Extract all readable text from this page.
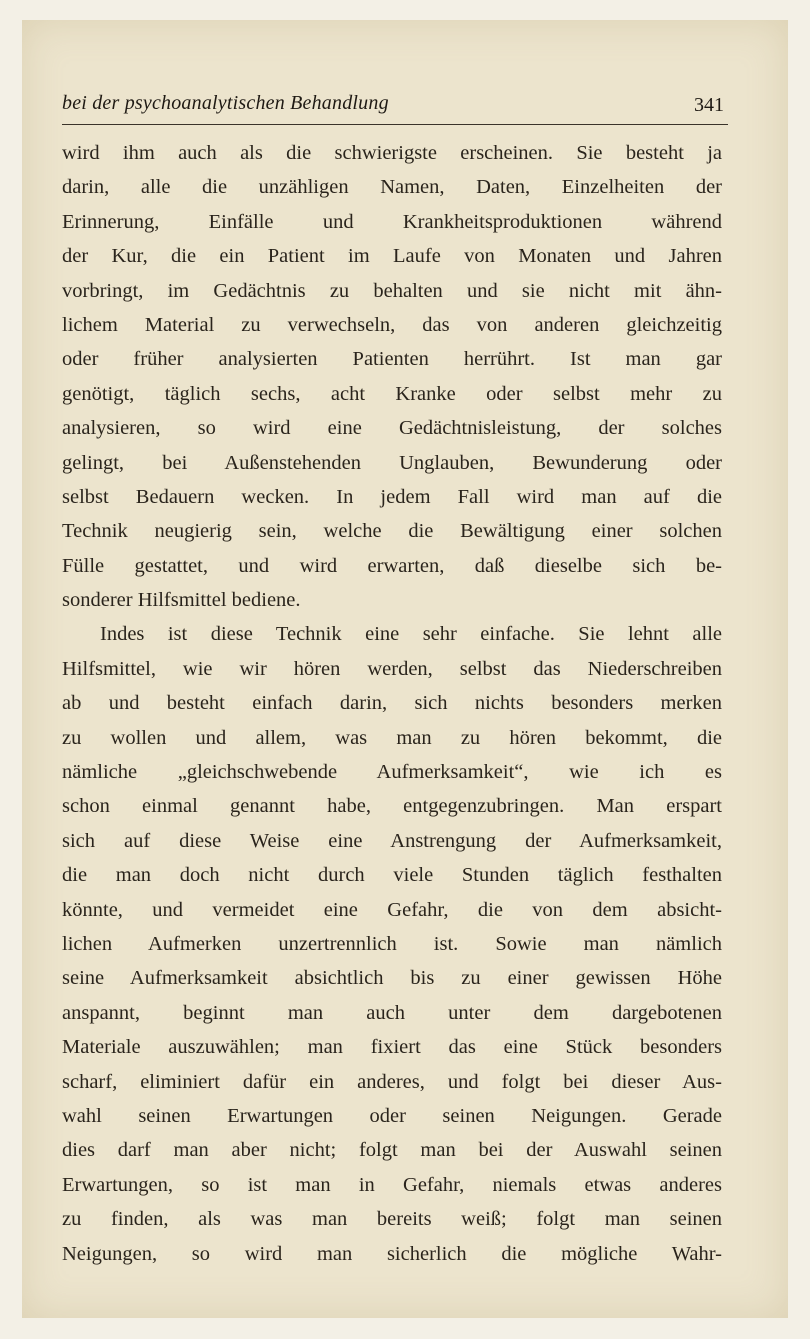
bei der psychoanalytischen Behandlung	341
wird ihm auch als die schwierigste erscheinen. Sie besteht ja
darin, alle die unzähligen Namen, Daten, Einzelheiten der
Erinnerung, Einfälle und Krankheitsproduktionen während
der Kur, die ein Patient im Laufe von Monaten und Jahren
vorbringt, im Gedächtnis zu behalten und sie nicht mit ähn-
lichem Material zu verwechseln, das von anderen gleichzeitig
oder früher analysierten Patienten herrührt. Ist man gar
genötigt, täglich sechs, acht Kranke oder selbst mehr zu
analysieren, so wird eine Gedächtnisleistung, der solches
gelingt, bei Außenstehenden Unglauben, Bewunderung oder
selbst Bedauern wecken. In jedem Fall wird man auf die
Technik neugierig sein, welche die Bewältigung einer solchen
Fülle gestattet, und wird erwarten, daß dieselbe sich be-
sonderer Hilfsmittel bediene.
Indes ist diese Technik eine sehr einfache. Sie lehnt alle
Hilfsmittel, wie wir hören werden, selbst das Niederschreiben
ab und besteht einfach darin, sich nichts besonders merken
zu wollen und allem, was man zu hören bekommt, die
nämliche „gleichschwebende Aufmerksamkeit“, wie ich es
schon einmal genannt habe, entgegenzubringen. Man erspart
sich auf diese Weise eine Anstrengung der Aufmerksamkeit,
die man doch nicht durch viele Stunden täglich festhalten
könnte, und vermeidet eine Gefahr, die von dem absicht-
lichen Aufmerken unzertrennlich ist. Sowie man nämlich
seine Aufmerksamkeit absichtlich bis zu einer gewissen Höhe
anspannt, beginnt man auch unter dem dargebotenen
Materiale auszuwählen; man fixiert das eine Stück besonders
scharf, eliminiert dafür ein anderes, und folgt bei dieser Aus-
wahl seinen Erwartungen oder seinen Neigungen. Gerade
dies darf man aber nicht; folgt man bei der Auswahl seinen
Erwartungen, so ist man in Gefahr, niemals etwas anderes
zu finden, als was man bereits weiß; folgt man seinen
Neigungen, so wird man sicherlich die mögliche Wahr-
